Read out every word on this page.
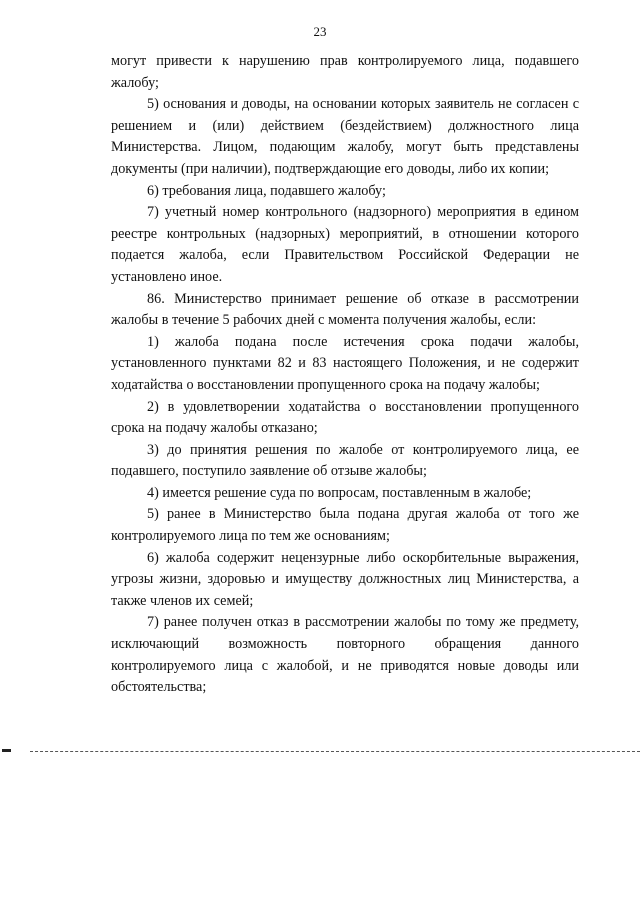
23

могут привести к нарушению прав контролируемого лица, подавшего жалобу;

5) основания и доводы, на основании которых заявитель не согласен с решением и (или) действием (бездействием) должностного лица Министерства. Лицом, подающим жалобу, могут быть представлены документы (при наличии), подтверждающие его доводы, либо их копии;

6) требования лица, подавшего жалобу;

7) учетный номер контрольного (надзорного) мероприятия в едином реестре контрольных (надзорных) мероприятий, в отношении которого подается жалоба, если Правительством Российской Федерации не установлено иное.

86. Министерство принимает решение об отказе в рассмотрении жалобы в течение 5 рабочих дней с момента получения жалобы, если:

1) жалоба подана после истечения срока подачи жалобы, установленного пунктами 82 и 83 настоящего Положения, и не содержит ходатайства о восстановлении пропущенного срока на подачу жалобы;

2) в удовлетворении ходатайства о восстановлении пропущенного срока на подачу жалобы отказано;

3) до принятия решения по жалобе от контролируемого лица, ее подавшего, поступило заявление об отзыве жалобы;

4) имеется решение суда по вопросам, поставленным в жалобе;

5) ранее в Министерство была подана другая жалоба от того же контролируемого лица по тем же основаниям;

6) жалоба содержит нецензурные либо оскорбительные выражения, угрозы жизни, здоровью и имуществу должностных лиц Министерства, а также членов их семей;

7) ранее получен отказ в рассмотрении жалобы по тому же предмету, исключающий возможность повторного обращения данного контролируемого лица с жалобой, и не приводятся новые доводы или обстоятельства;
